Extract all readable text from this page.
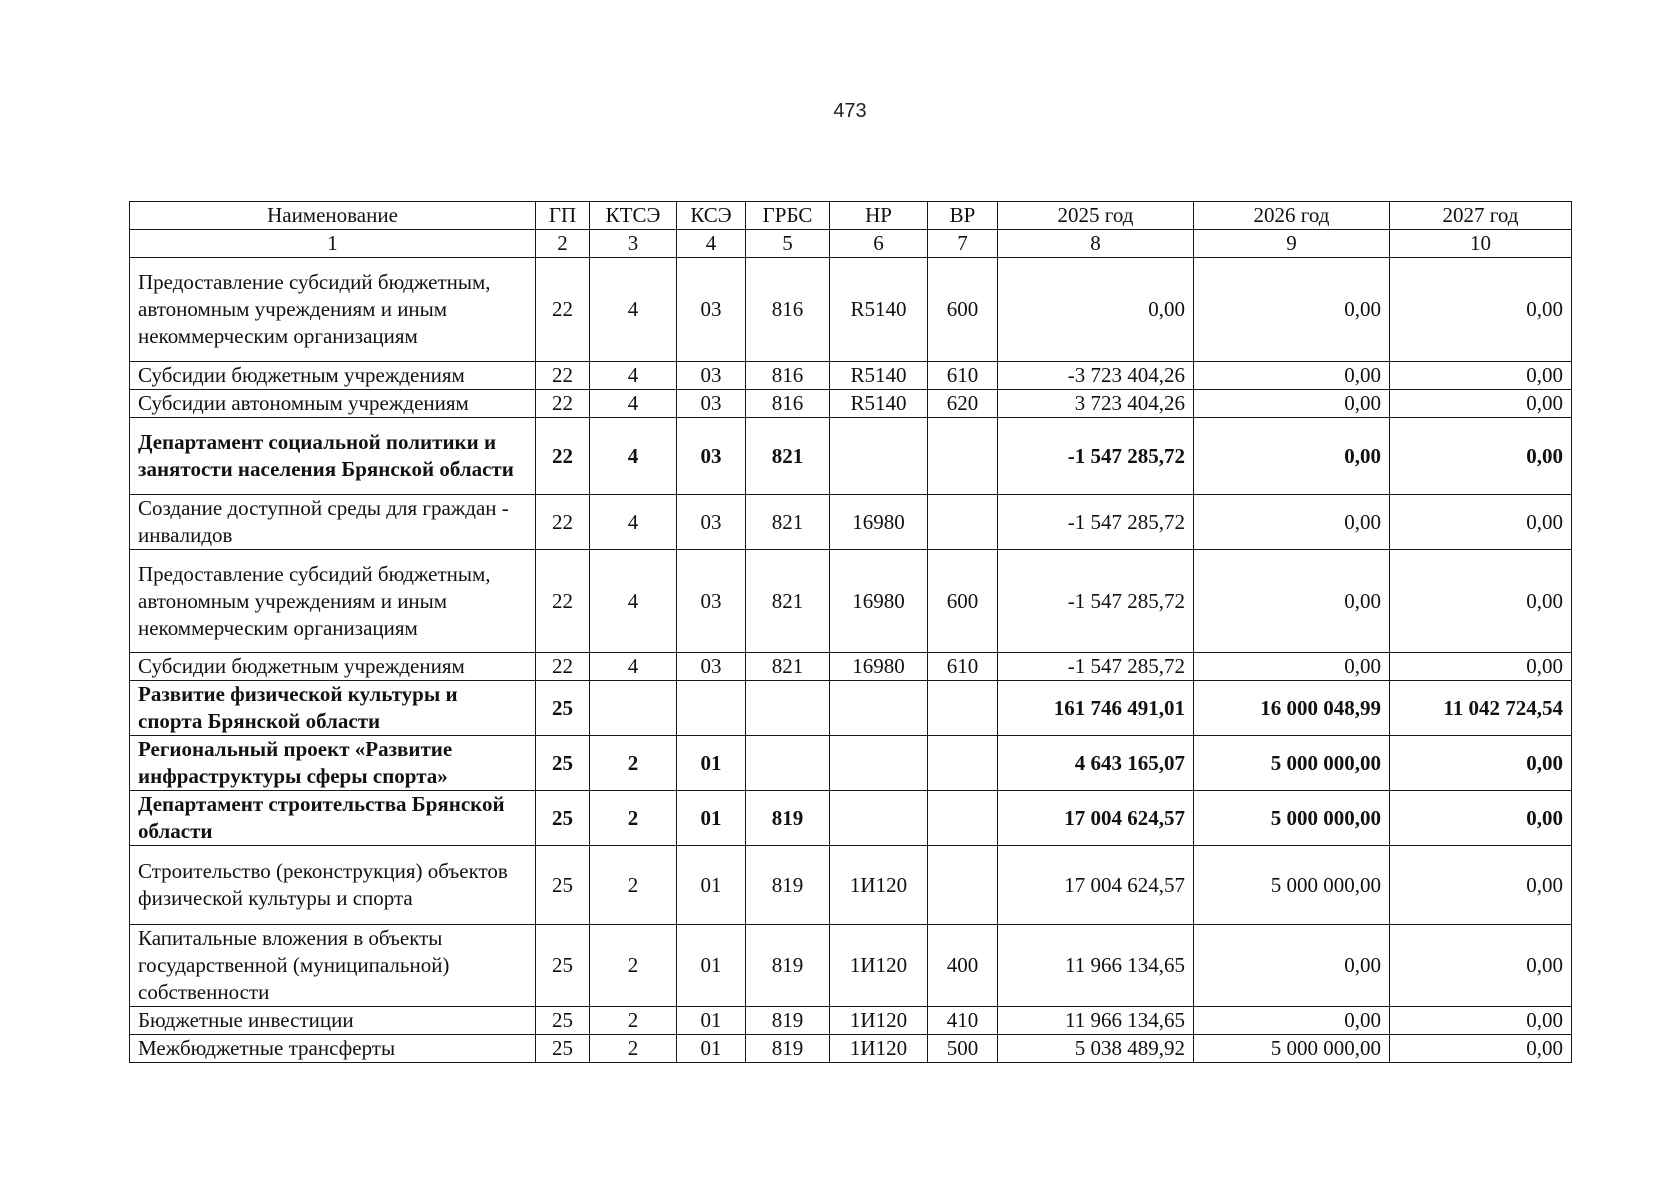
473
Наименование	ГП	КТСЭ	КСЭ	ГРБС	НР	ВР	2025 год	2026 год	2027 год
1	2	3	4	5	6	7	8	9	10
Предоставление субсидий бюджетным, автономным учреждениям и иным некоммерческим организациям	22	4	03	816	R5140	600	0,00	0,00	0,00
Субсидии бюджетным учреждениям	22	4	03	816	R5140	610	-3 723 404,26	0,00	0,00
Субсидии автономным учреждениям	22	4	03	816	R5140	620	3 723 404,26	0,00	0,00
Департамент социальной политики и занятости населения Брянской области	22	4	03	821			-1 547 285,72	0,00	0,00
Создание доступной среды для граждан - инвалидов	22	4	03	821	16980		-1 547 285,72	0,00	0,00
Предоставление субсидий бюджетным, автономным учреждениям и иным некоммерческим организациям	22	4	03	821	16980	600	-1 547 285,72	0,00	0,00
Субсидии бюджетным учреждениям	22	4	03	821	16980	610	-1 547 285,72	0,00	0,00
Развитие физической культуры и спорта Брянской области	25						161 746 491,01	16 000 048,99	11 042 724,54
Региональный проект «Развитие инфраструктуры сферы спорта»	25	2	01				4 643 165,07	5 000 000,00	0,00
Департамент строительства Брянской области	25	2	01	819			17 004 624,57	5 000 000,00	0,00
Строительство (реконструкция) объектов физической культуры и спорта	25	2	01	819	1И120		17 004 624,57	5 000 000,00	0,00
Капитальные вложения в объекты государственной (муниципальной) собственности	25	2	01	819	1И120	400	11 966 134,65	0,00	0,00
Бюджетные инвестиции	25	2	01	819	1И120	410	11 966 134,65	0,00	0,00
Межбюджетные трансферты	25	2	01	819	1И120	500	5 038 489,92	5 000 000,00	0,00
